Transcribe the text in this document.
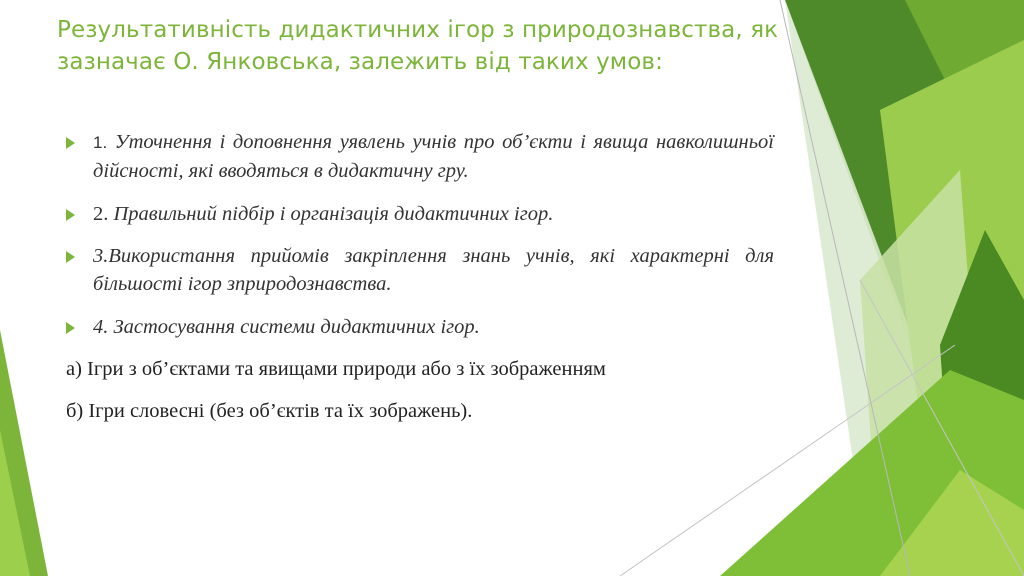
Результативність дидактичних ігор з природознавства, як
зазначає О. Янковська, залежить від таких умов:
1. Уточнення і доповнення уявлень учнів про об’єкти і явища навколишньої дійсності, які вводяться в дидактичну гру.
2. Правильний підбір і організація дидактичних ігор.
3.Використання прийомів закріплення знань учнів, які характерні для більшості ігор зприродознавства.
4. Застосування системи дидактичних ігор.
а) Ігри з об’єктами та явищами природи або з їх зображенням
б) Ігри словесні (без об’єктів та їх зображень).
